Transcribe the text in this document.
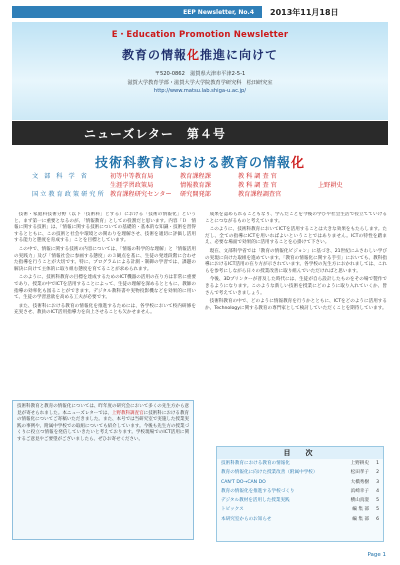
EEP Newsletter, No.4	2013年11月18日
E・Education Promotion Newsletter
教育の情報化推進に向けて
〒520-0862　滋賀県大津市平津2-5-1
滋賀大学教育学部・滋賀大学大学院教育学研究科　松田研究室
http://www.matsu.lab.shiga-u.ac.jp/
ニューズレター　第４号
技術科教育における教育の情報化
文 部 科 学 省	初等中等教育局	教育課程課	教 科 調 査 官
生涯学習政策局	情報教育課	教 科 調 査 官	上野耕史
国立教育政策研究所 教育課程研究センター	研究開発部	教育課程調査官

技術・家庭科技術分野（以下「技術科」とする）における「技術の情報化」というと、まず第一に重要となるのが、「情報教育」としての役割だと思います。内容「Ｄ　情報に関する技術」は、「情報に関する技術についての基礎的・基本的な知識・技術を習得するとともに、この技術と社会や環境との関わりを理解させ、技術を適切に評価し活用する能力と態度を育成する」ことを目標としています。

この中で、情報に関する技術の内容については、「情報の科学的な理解」と「情報活用の実践力」及び「情報社会に参画する態度」の３観点を基に、生徒の発達段階に合わせた指導を行うことが大切です。特に、プログラムによる計測・制御の学習では、課題の解決に向けて主体的に取り組む態度を育てることが求められます。

このように、技術科教育の目標を達成するためのICT機器の活用の在り方は非常に重要であり、授業の中でICTを活用することによって、生徒の理解を深めるとともに、教師の指導の効率化も図ることができます。デジタル教科書や実物投影機などを効果的に用いて、生徒の学習意欲を高める工夫が必要です。

また、技術科における教育の情報化を推進するためには、各学校において校内研修を充実させ、教員のICT活用指導力を向上させることも欠かせません。

成果を認められることもなり、学んだことを今後の学びや社会生活で役立てていけることにつながるものと考えています。

このように、技術科教育においてICTを活用することは大きな効果をもたらします。ただし、全ての指導にICTを用いればよいということではありません。ICTの特性を踏まえ、必要な場面で効果的に活用することを心掛けて下さい。

現在、文部科学省では「教育の情報化ビジョン」に基づき、21世紀にふさわしい学びの実現に向けた取組を進めています。「教育の情報化に関する手引」においても、教科指導におけるICT活用の在り方が示されています。各学校の先生方におかれましては、これらを参考にしながら日々の授業改善に取り組んでいただければと思います。

今後、3Dプリンターが普及した時代には、生徒が自ら設計したものをその場で製作できるようになります。このような新しい技術を授業にどのように取り入れていくか、皆さんで考えていきましょう。

技術科教育の中で、どのように情報教育を行うかとともに、ICTをどのように活用するか、Technologyに関する教育の専門家として検討していただくことを期待しています。

技術科教育と教育の情報化については、昨年度の研究会において多くの先生方から意見が寄せられました。本ニューズレターでは、上野教科調査官に技術科における教育の情報化についてご寄稿いただきました。また、本号では当研究室で実施した授業実践の事例や、附属中学校での取組についても紹介しています。今後も先生方の授業づくりに役立つ情報を発信していきたいと考えております。学校現場でのICT活用に関するご意見やご要望がございましたら、ぜひお寄せください。
目　次
技術科教育における教育の情報化	上野耕史	1
教育の情報化に向けた授業改善（附属中学校）	松田孝子	2
CAN'T DO→CAN DO	大橋秀樹	3
教育の情報化を推進する学校づくり	浜崎幸子	4
デジタル教材を活用した授業実践	横山真澄	5
トピックス	編 集 部	5
本研究室からのお知らせ	編 集 部	6
Page 1
